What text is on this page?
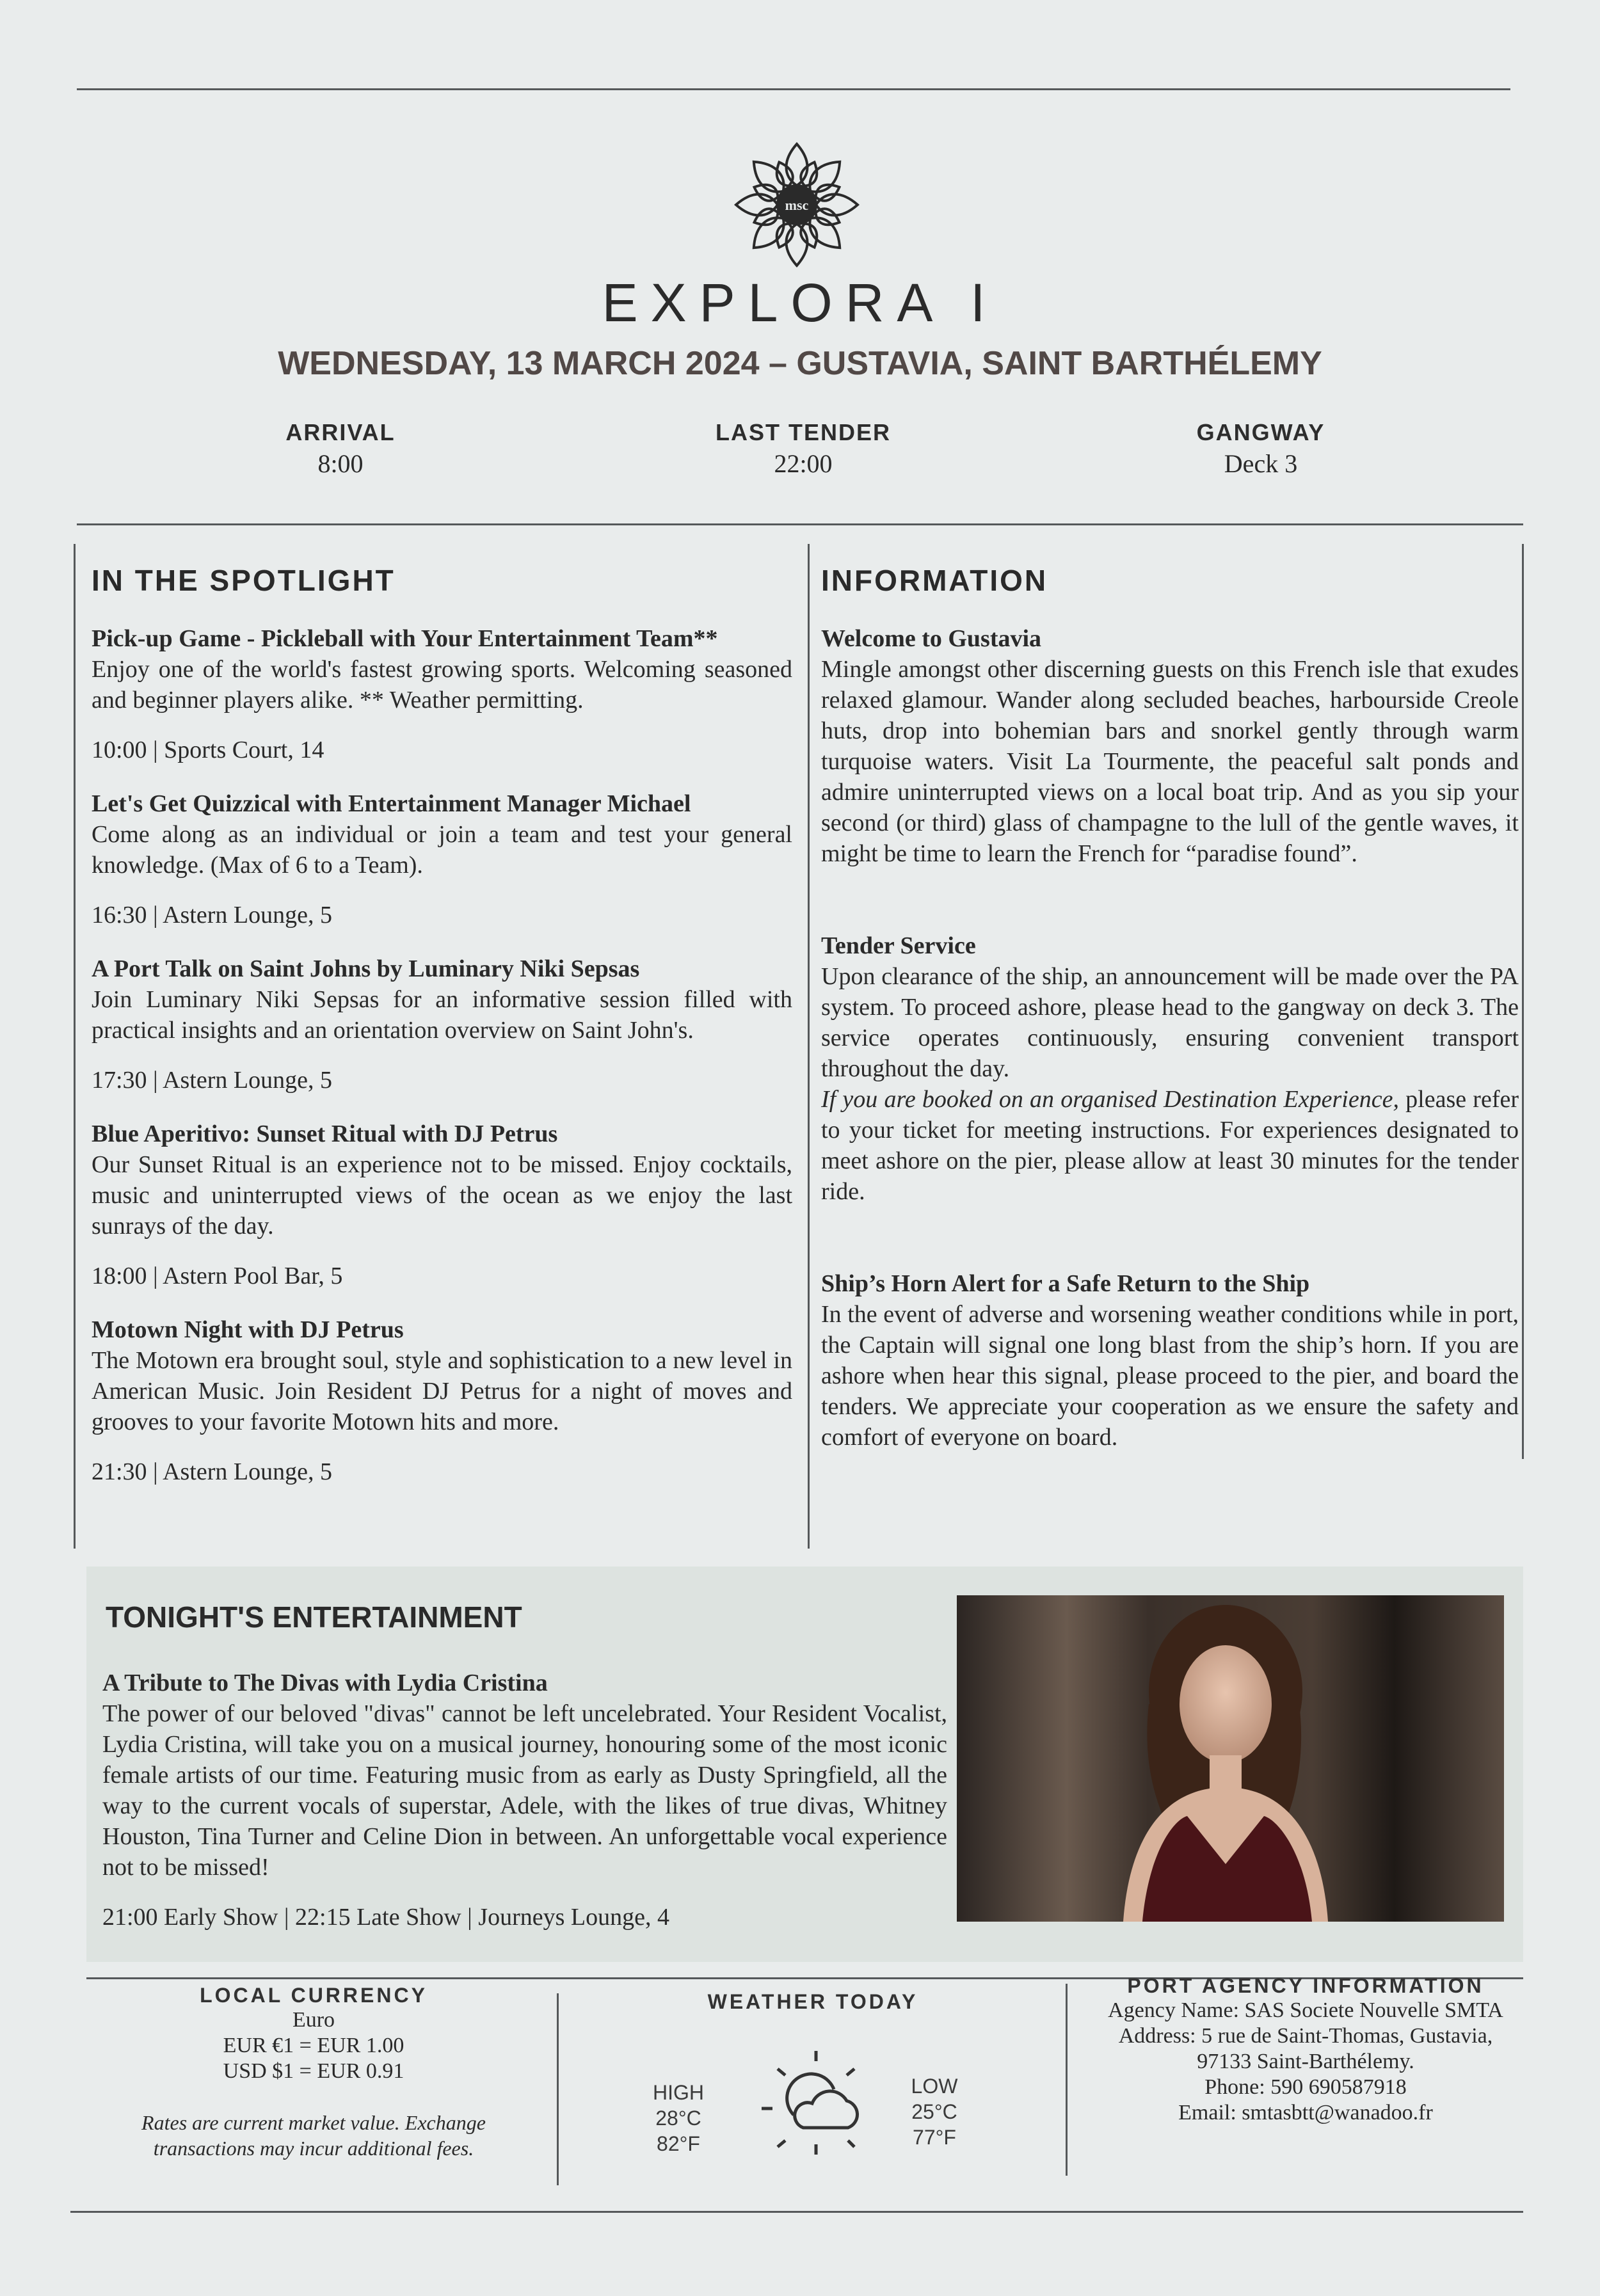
msc
EXPLORA I
WEDNESDAY, 13 MARCH 2024 – GUSTAVIA, SAINT BARTHÉLEMY
ARRIVAL
8:00
LAST TENDER
22:00
GANGWAY
Deck 3
IN THE SPOTLIGHT
Pick-up Game - Pickleball with Your Entertainment Team**
Enjoy one of the world's fastest growing sports. Welcoming seasoned and beginner players alike. ** Weather permitting.
10:00 | Sports Court, 14
Let's Get Quizzical with Entertainment Manager Michael
Come along as an individual or join a team and test your general knowledge. (Max of 6 to a Team).
16:30 | Astern Lounge, 5
A Port Talk on Saint Johns by Luminary Niki Sepsas
Join Luminary Niki Sepsas for an informative session filled with practical insights and an orientation overview on Saint John's.
17:30 | Astern Lounge, 5
Blue Aperitivo: Sunset Ritual with DJ Petrus
Our Sunset Ritual is an experience not to be missed. Enjoy cocktails, music and uninterrupted views of the ocean as we enjoy the last sunrays of the day.
18:00 | Astern Pool Bar, 5
Motown Night with DJ Petrus
The Motown era brought soul, style and sophistication to a new level in American Music. Join Resident DJ Petrus for a night of moves and grooves to your favorite Motown hits and more.
21:30 | Astern Lounge, 5
INFORMATION
Welcome to Gustavia
Mingle amongst other discerning guests on this French isle that exudes relaxed glamour. Wander along secluded beaches, harbourside Creole huts, drop into bohemian bars and snorkel gently through warm turquoise waters. Visit La Tourmente, the peaceful salt ponds and admire uninterrupted views on a local boat trip. And as you sip your second (or third) glass of champagne to the lull of the gentle waves, it might be time to learn the French for “paradise found”.
Tender Service
Upon clearance of the ship, an announcement will be made over the PA system. To proceed ashore, please head to the gangway on deck 3. The service operates continuously, ensuring convenient transport throughout the day.
If you are booked on an organised Destination Experience, please refer to your ticket for meeting instructions. For experiences designated to meet ashore on the pier, please allow at least 30 minutes for the tender ride.
Ship’s Horn Alert for a Safe Return to the Ship
In the event of adverse and worsening weather conditions while in port, the Captain will signal one long blast from the ship’s horn. If you are ashore when hear this signal, please proceed to the pier, and board the tenders. We appreciate your cooperation as we ensure the safety and comfort of everyone on board.
TONIGHT'S ENTERTAINMENT
A Tribute to The Divas with Lydia Cristina
The power of our beloved "divas" cannot be left uncelebrated. Your Resident Vocalist, Lydia Cristina, will take you on a musical journey, honouring some of the most iconic female artists of our time. Featuring music from as early as Dusty Springfield, all the way to the current vocals of superstar, Adele, with the likes of true divas, Whitney Houston, Tina Turner and Celine Dion in between. An unforgettable vocal experience not to be missed!
21:00 Early Show | 22:15 Late Show | Journeys Lounge, 4
LOCAL CURRENCY
Euro
EUR €1 = EUR 1.00
USD $1 = EUR 0.91
Rates are current market value. Exchange transactions may incur additional fees.
WEATHER TODAY
HIGH
28°C
82°F
LOW
25°C
77°F
PORT AGENCY INFORMATION
Agency Name: SAS Societe Nouvelle SMTA
Address: 5 rue de Saint-Thomas, Gustavia,
97133 Saint-Barthélemy.
Phone: 590 690587918
Email: smtasbtt@wanadoo.fr
